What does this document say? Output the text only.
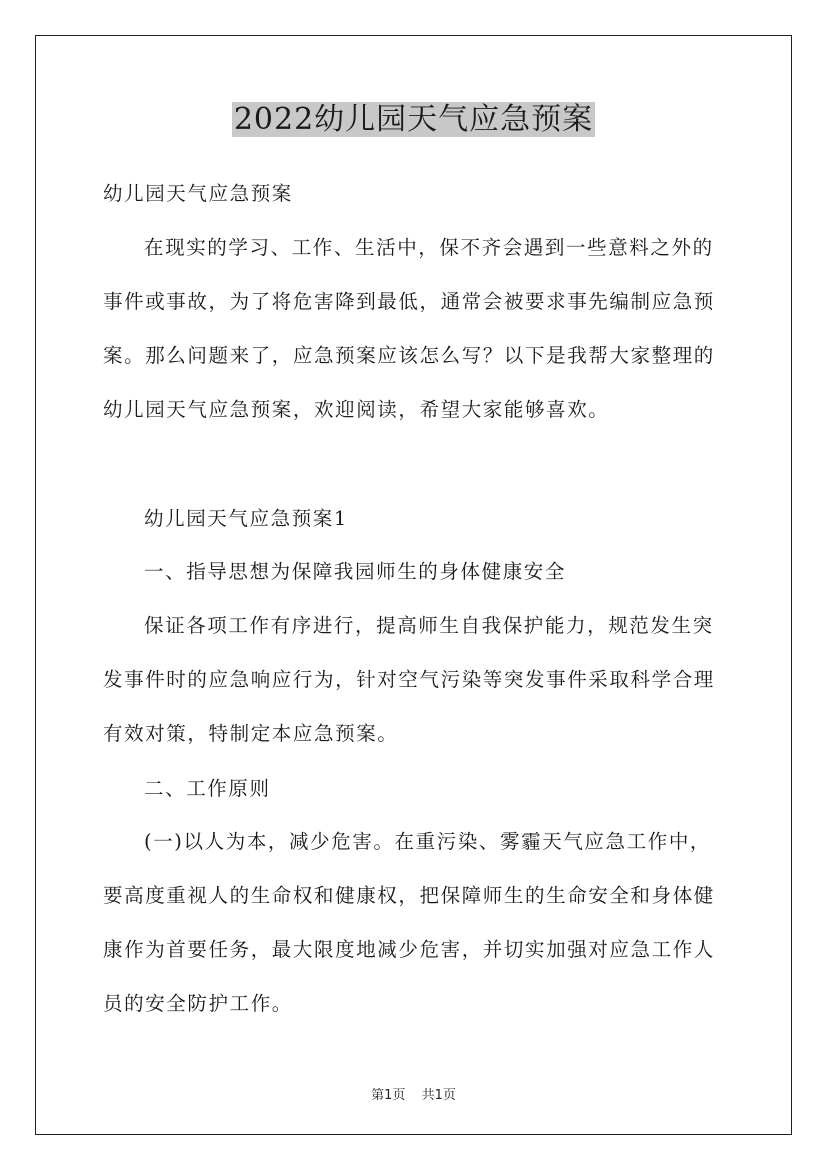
2022幼儿园天气应急预案

幼儿园天气应急预案

在现实的学习、工作、生活中，保不齐会遇到一些意料之外的事件或事故，为了将危害降到最低，通常会被要求事先编制应急预案。那么问题来了，应急预案应该怎么写？以下是我帮大家整理的幼儿园天气应急预案，欢迎阅读，希望大家能够喜欢。

幼儿园天气应急预案1

一、指导思想为保障我园师生的身体健康安全

保证各项工作有序进行，提高师生自我保护能力，规范发生突发事件时的应急响应行为，针对空气污染等突发事件采取科学合理有效对策，特制定本应急预案。

二、工作原则

(一)以人为本，减少危害。在重污染、雾霾天气应急工作中，要高度重视人的生命权和健康权，把保障师生的生命安全和身体健康作为首要任务，最大限度地减少危害，并切实加强对应急工作人员的安全防护工作。

第1页 共1页
